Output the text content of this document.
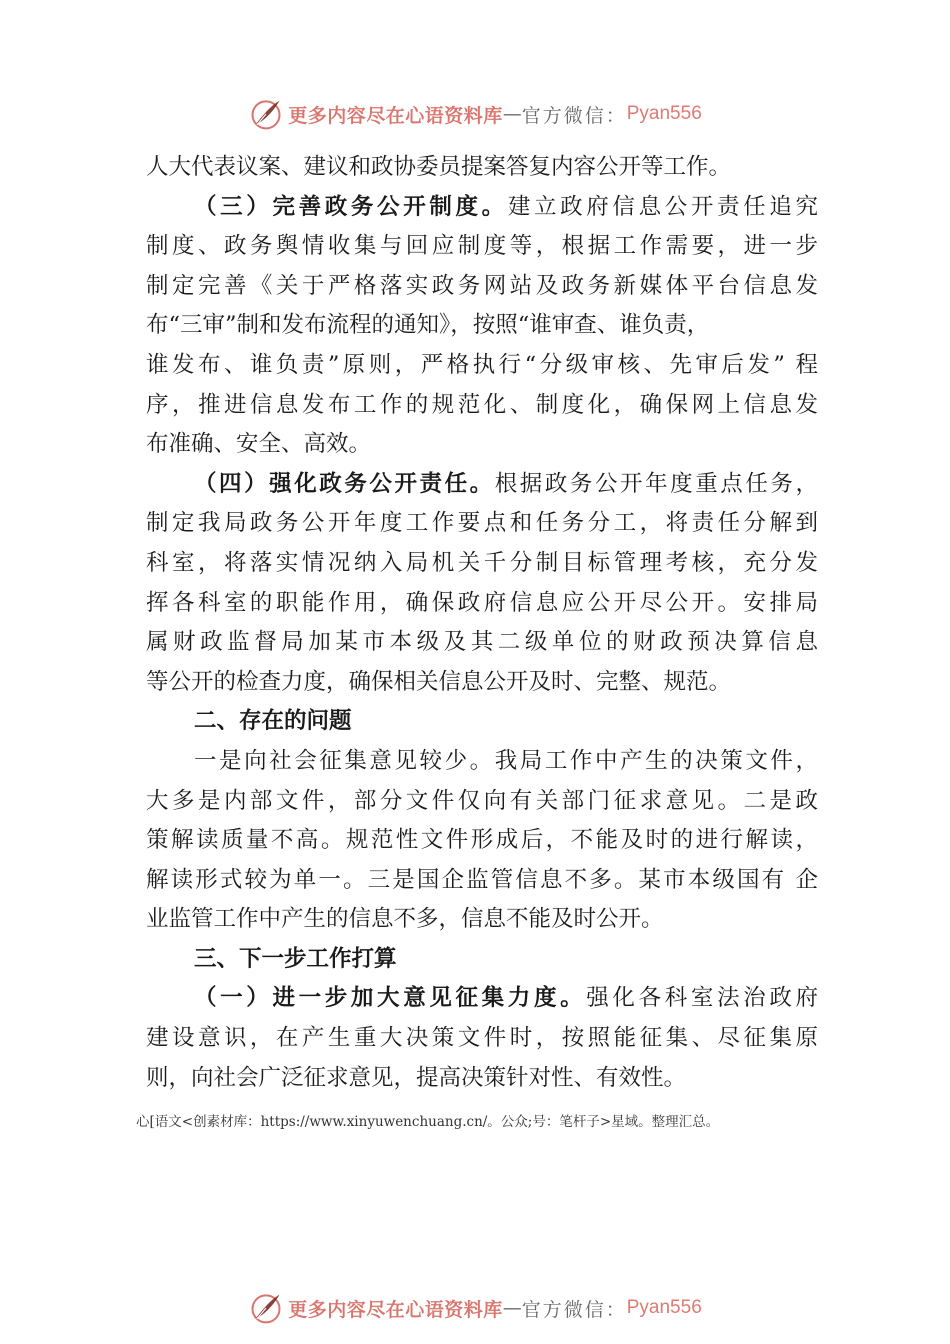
更多内容尽在心语资料库 — 官方微信： Pyan556
人大代表议案、建议和政协委员提案答复内容公开等工作。
（三）完善政务公开制度。建立政府信息公开责任追究
制度、政务舆情收集与回应制度等，根据工作需要，进一步
制定完善《关于严格落实政务网站及政务新媒体平台信息发
布“三审”制和发布流程的通知》，按照“谁审查、谁负责，
谁发布、谁负责”原则，严格执行“分级审核、先审后发” 程
序，推进信息发布工作的规范化、制度化，确保网上信息发
布准确、安全、高效。
（四）强化政务公开责任。根据政务公开年度重点任务，
制定我局政务公开年度工作要点和任务分工，将责任分解到
科室，将落实情况纳入局机关千分制目标管理考核，充分发
挥各科室的职能作用，确保政府信息应公开尽公开。安排局
属财政监督局加某市本级及其二级单位的财政预决算信息
等公开的检查力度，确保相关信息公开及时、完整、规范。
二、存在的问题
一是向社会征集意见较少。我局工作中产生的决策文件，
大多是内部文件，部分文件仅向有关部门征求意见。二是政
策解读质量不高。规范性文件形成后，不能及时的进行解读，
解读形式较为单一。三是国企监管信息不多。某市本级国有 企
业监管工作中产生的信息不多，信息不能及时公开。
三、下一步工作打算
（一）进一步加大意见征集力度。强化各科室法治政府
建设意识，在产生重大决策文件时，按照能征集、尽征集原
则，向社会广泛征求意见，提高决策针对性、有效性。
心[语文<创素材库：https://www.xinyuwenchuang.cn/。公众;号：笔杆子>星域。整理汇总。
更多内容尽在心语资料库 — 官方微信： Pyan556
